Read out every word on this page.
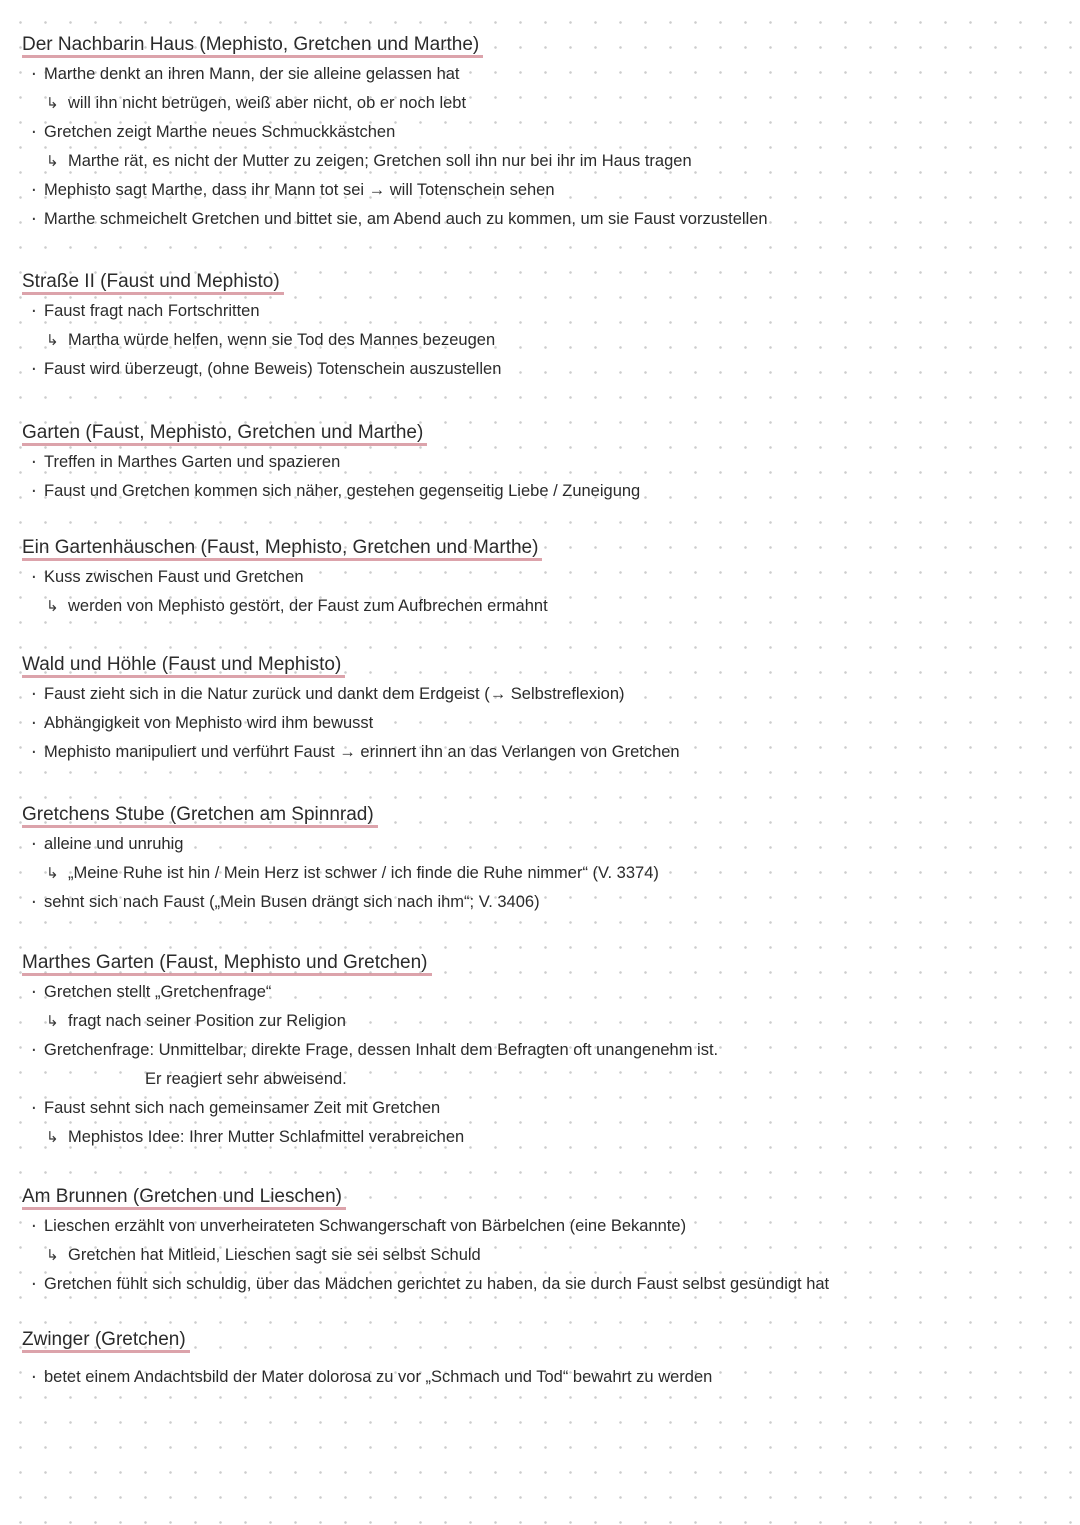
Der Nachbarin Haus (Mephisto, Gretchen und Marthe)
·
Marthe denkt an ihren Mann, der sie alleine gelassen hat
↳
will ihn nicht betrügen, weiß aber nicht, ob er noch lebt
·
Gretchen zeigt Marthe neues Schmuckkästchen
↳
Marthe rät, es nicht der Mutter zu zeigen; Gretchen soll ihn nur bei ihr im Haus tragen
·
Mephisto sagt Marthe, dass ihr Mann tot sei → will Totenschein sehen
·
Marthe schmeichelt Gretchen und bittet sie, am Abend auch zu kommen, um sie Faust vorzustellen
Straße II (Faust und Mephisto)
·
Faust fragt nach Fortschritten
↳
Martha würde helfen, wenn sie Tod des Mannes bezeugen
·
Faust wird überzeugt, (ohne Beweis) Totenschein auszustellen
Garten (Faust, Mephisto, Gretchen und Marthe)
·
Treffen in Marthes Garten und spazieren
·
Faust und Gretchen kommen sich näher, gestehen gegenseitig Liebe / Zuneigung
Ein Gartenhäuschen (Faust, Mephisto, Gretchen und Marthe)
·
Kuss zwischen Faust und Gretchen
↳
werden von Mephisto gestört, der Faust zum Aufbrechen ermahnt
Wald und Höhle (Faust und Mephisto)
·
Faust zieht sich in die Natur zurück und dankt dem Erdgeist (→ Selbstreflexion)
·
Abhängigkeit von Mephisto wird ihm bewusst
·
Mephisto manipuliert und verführt Faust → erinnert ihn an das Verlangen von Gretchen
Gretchens Stube (Gretchen am Spinnrad)
·
alleine und unruhig
↳
„Meine Ruhe ist hin / Mein Herz ist schwer / ich finde die Ruhe nimmer“ (V. 3374)
·
sehnt sich nach Faust („Mein Busen drängt sich nach ihm“; V. 3406)
Marthes Garten (Faust, Mephisto und Gretchen)
·
Gretchen stellt „Gretchenfrage“
↳
fragt nach seiner Position zur Religion
·
Gretchenfrage: Unmittelbar, direkte Frage, dessen Inhalt dem Befragten oft unangenehm ist.
Er reagiert sehr abweisend.
·
Faust sehnt sich nach gemeinsamer Zeit mit Gretchen
↳
Mephistos Idee: Ihrer Mutter Schlafmittel verabreichen
Am Brunnen (Gretchen und Lieschen)
·
Lieschen erzählt von unverheirateten Schwangerschaft von Bärbelchen (eine Bekannte)
↳
Gretchen hat Mitleid, Lieschen sagt sie sei selbst Schuld
·
Gretchen fühlt sich schuldig, über das Mädchen gerichtet zu haben, da sie durch Faust selbst gesündigt hat
Zwinger (Gretchen)
·
betet einem Andachtsbild der Mater dolorosa zu vor „Schmach und Tod“ bewahrt zu werden
